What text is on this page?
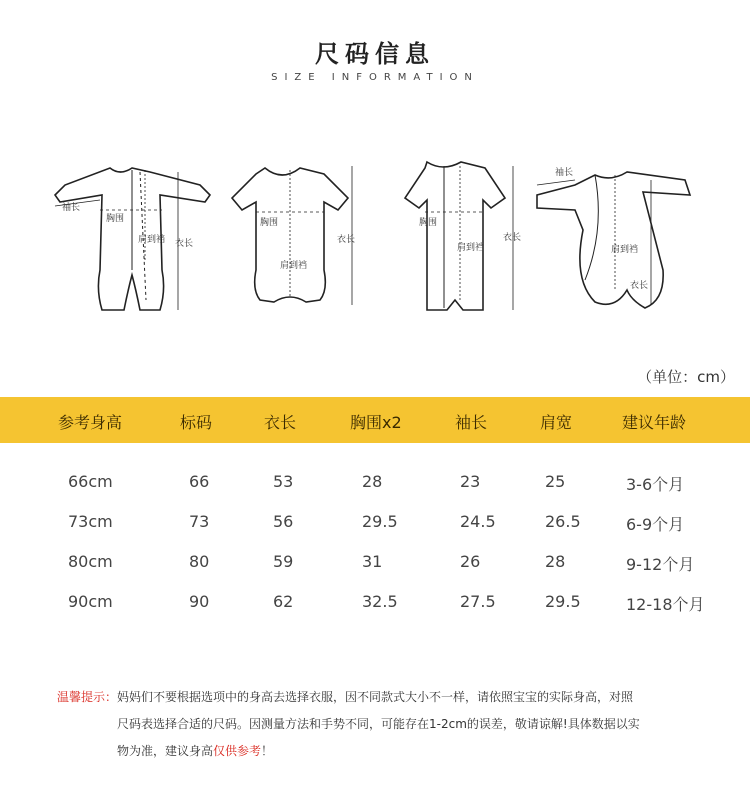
尺码信息
SIZE INFORMATION
袖长
胸围
肩到裆 衣长
胸围
肩到裆
衣长
胸围
肩到裆
衣长
袖长
肩到裆
衣长
（单位：cm）
参考身高	标码	衣长	胸围x2	袖长	肩宽	建议年龄
66cm	66	53	28	23	25	3-6个月
73cm	73	56	29.5	24.5	26.5	6-9个月
80cm	80	59	31	26	28	9-12个月
90cm	90	62	32.5	27.5	29.5	12-18个月
温馨提示：妈妈们不要根据选项中的身高去选择衣服，因不同款式大小不一样，请依照宝宝的实际身高，对照
尺码表选择合适的尺码。因测量方法和手势不同，可能存在1-2cm的误差，敬请谅解!具体数据以实
物为准，建议身高仅供参考！
